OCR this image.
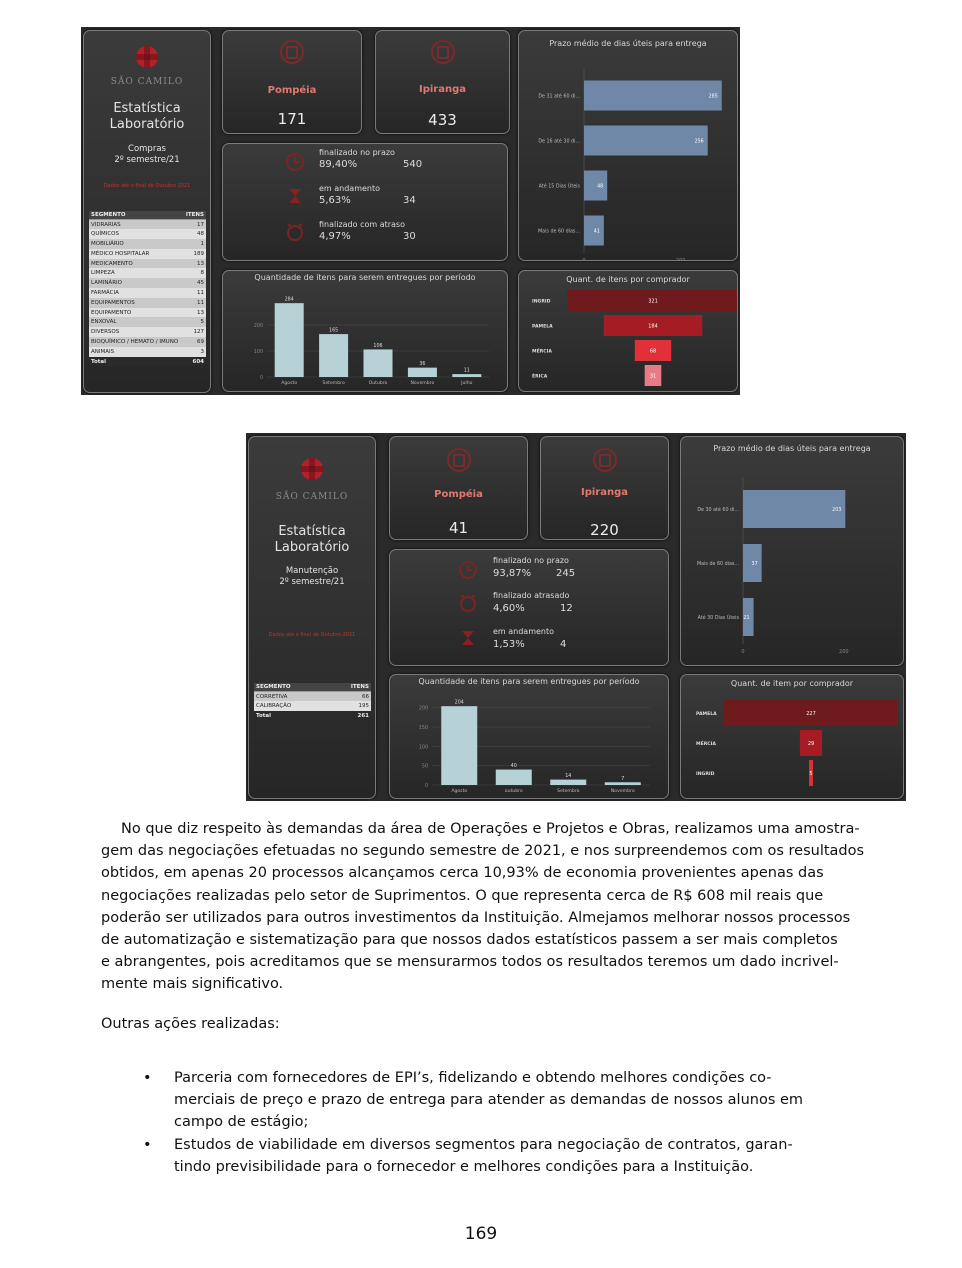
SÃO CAMILO
Estatística
Laboratório
Compras
2º semestre/21
Dados até o final de Outubro 2021
SEGMENTO	ITENS
VIDRARIAS	17
QUÍMICOS	48
MOBILIÁRIO	1
MÉDICO HOSPITALAR	189
MEDICAMENTO	13
LIMPEZA	8
LAMINÁRIO	45
FARMÁCIA	11
EQUIPAMENTOS	11
EQUIPAMENTO	13
ENXOVAL	5
DIVERSOS	127
BIOQUÍMICO / HEMATO / IMUNO	69
ANIMAIS	3
Total	604
Pompéia
171
Ipiranga
433
finalizado no prazo
89,40%	540
em andamento
5,63%	34
finalizado com atraso
4,97%	30
Prazo médio de dias úteis para entrega
0	200
De 31 até 60 di...	285
De 16 até 30 di...	256
Até 15 Dias Úteis	48
Mais de 60 dias...	41
Quantidade de itens para serem entregues por período
0
100
200
284
Agosto
165
Setembro
106
Outubro
36
Novembro
11
Julho
Quant. de itens por comprador
INGRID	321
PAMELA	184
MÉRCIA	68
ÉRICA	31
SÃO CAMILO
Estatística
Laboratório
Manutenção
2º semestre/21
Dados até o final de Outubro 2021
SEGMENTO	ITENS
CORRETIVA	66
CALIBRAÇÃO	195
Total	261
Pompéia
41
Ipiranga
220
finalizado no prazo
93,87% 245
finalizado atrasado
4,60%	12
em andamento
1,53%	4
Prazo médio de dias úteis para entrega
0	200
De 30 até 60 di...	203
Mais de 60 dias...	37
Até 30 Dias Úteis 21
Quantidade de itens para serem entregues por período
0
50
100
150
200
204
Agosto
40
outubro
14
Setembro
7
Novembro
Quant. de item por comprador
PAMELA	227
MÉRCIA	29
INGRID	5
No que diz respeito às demandas da área de Operações e Projetos e Obras, realizamos uma amostra-
gem das negociações efetuadas no segundo semestre de 2021, e nos surpreendemos com os resultados
obtidos, em apenas 20 processos alcançamos cerca 10,93% de economia provenientes apenas das
negociações realizadas pelo setor de Suprimentos. O que representa cerca de R$ 608 mil reais que
poderão ser utilizados para outros investimentos da Instituição. Almejamos melhorar nossos processos
de automatização e sistematização para que nossos dados estatísticos passem a ser mais completos
e abrangentes, pois acreditamos que se mensurarmos todos os resultados teremos um dado incrivel-
mente mais significativo.
Outras ações realizadas:
• Parceria com fornecedores de EPI’s, fidelizando e obtendo melhores condições co-
merciais de preço e prazo de entrega para atender as demandas de nossos alunos em
campo de estágio;
• Estudos de viabilidade em diversos segmentos para negociação de contratos, garan-
tindo previsibilidade para o fornecedor e melhores condições para a Instituição.
169
